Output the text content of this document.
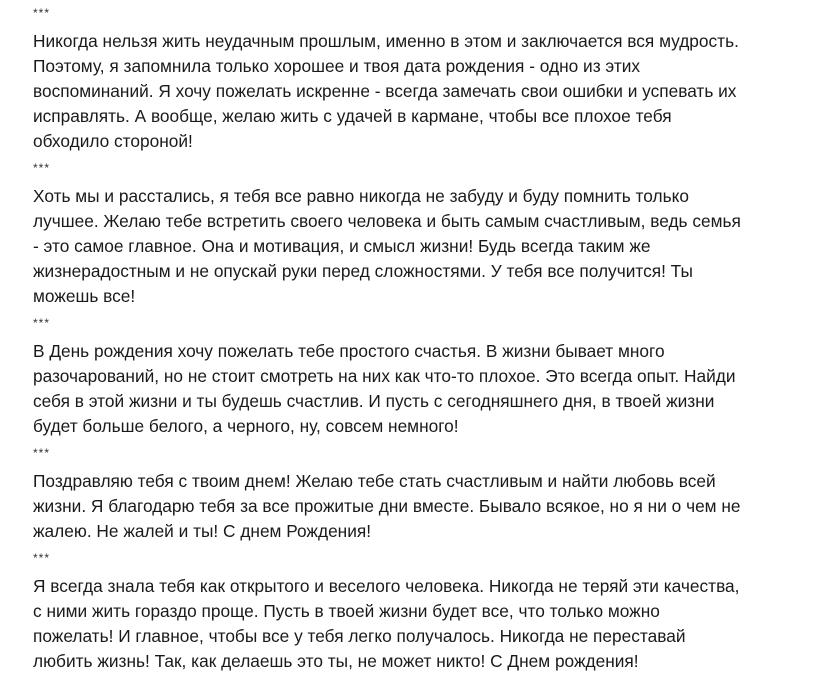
***

Никогда нельзя жить неудачным прошлым, именно в этом и заключается вся мудрость.
Поэтому, я запомнила только хорошее и твоя дата рождения - одно из этих
воспоминаний. Я хочу пожелать искренне - всегда замечать свои ошибки и успевать их
исправлять. А вообще, желаю жить с удачей в кармане, чтобы все плохое тебя
обходило стороной!

***

Хоть мы и расстались, я тебя все равно никогда не забуду и буду помнить только
лучшее. Желаю тебе встретить своего человека и быть самым счастливым, ведь семья
- это самое главное. Она и мотивация, и смысл жизни! Будь всегда таким же
жизнерадостным и не опускай руки перед сложностями. У тебя все получится! Ты
можешь все!

***

В День рождения хочу пожелать тебе простого счастья. В жизни бывает много
разочарований, но не стоит смотреть на них как что-то плохое. Это всегда опыт. Найди
себя в этой жизни и ты будешь счастлив. И пусть с сегодняшнего дня, в твоей жизни
будет больше белого, а черного, ну, совсем немного!

***

Поздравляю тебя с твоим днем! Желаю тебе стать счастливым и найти любовь всей
жизни. Я благодарю тебя за все прожитые дни вместе. Бывало всякое, но я ни о чем не
жалею. Не жалей и ты! С днем Рождения!

***

Я всегда знала тебя как открытого и веселого человека. Никогда не теряй эти качества,
с ними жить гораздо проще. Пусть в твоей жизни будет все, что только можно
пожелать! И главное, чтобы все у тебя легко получалось. Никогда не переставай
любить жизнь! Так, как делаешь это ты, не может никто! С Днем рождения!
